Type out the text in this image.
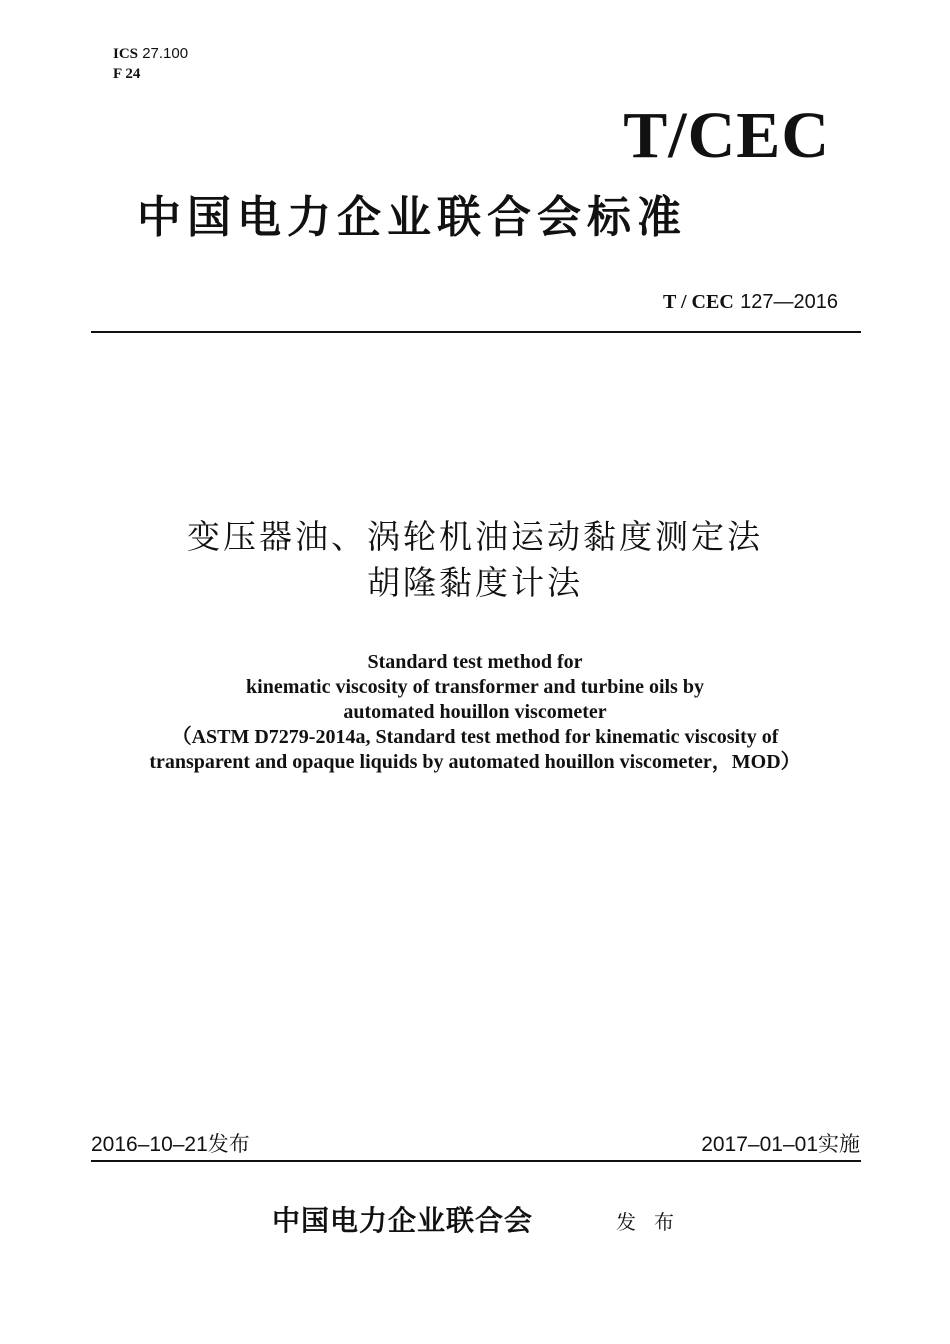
ICS 27.100
F 24
T/CEC
中国电力企业联合会标准
T / CEC 127—2016
变压器油、涡轮机油运动黏度测定法
胡隆黏度计法
Standard test method for
kinematic viscosity of transformer and turbine oils by
automated houillon viscometer
（ASTM D7279-2014a, Standard test method for kinematic viscosity of
transparent and opaque liquids by automated houillon viscometer，MOD）
2016–10–21发布	2017–01–01实施
中国电力企业联合会	发布
